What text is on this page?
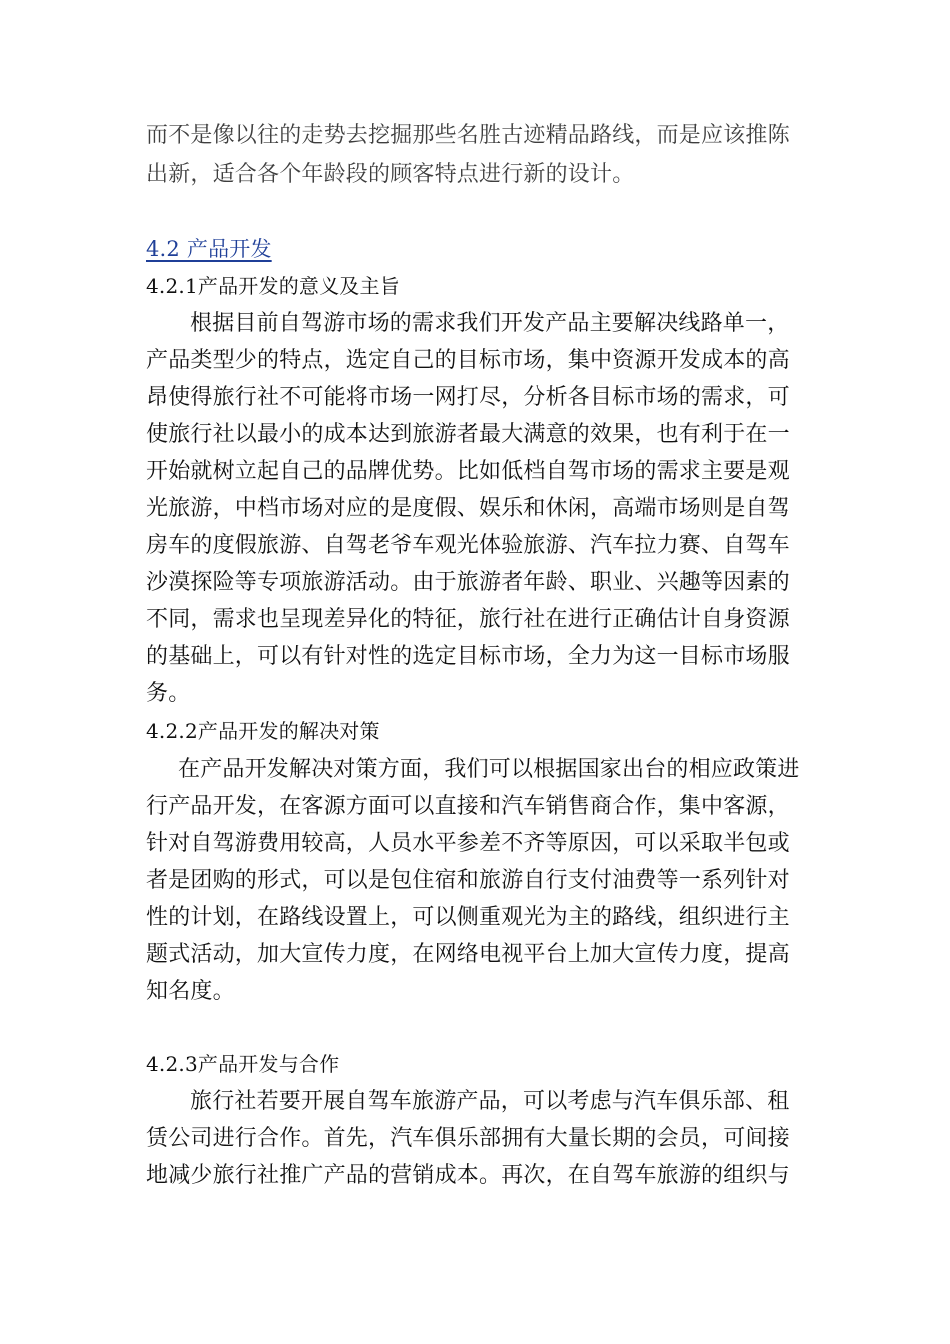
而不是像以往的走势去挖掘那些名胜古迹精品路线，而是应该推陈
出新，适合各个年龄段的顾客特点进行新的设计。
4.2 产品开发
4.2.1产品开发的意义及主旨
根据目前自驾游市场的需求我们开发产品主要解决线路单一，
产品类型少的特点，选定自己的目标市场，集中资源开发成本的高
昂使得旅行社不可能将市场一网打尽，分析各目标市场的需求，可
使旅行社以最小的成本达到旅游者最大满意的效果，也有利于在一
开始就树立起自己的品牌优势。比如低档自驾市场的需求主要是观
光旅游，中档市场对应的是度假、娱乐和休闲，高端市场则是自驾
房车的度假旅游、自驾老爷车观光体验旅游、汽车拉力赛、自驾车
沙漠探险等专项旅游活动。由于旅游者年龄、职业、兴趣等因素的
不同，需求也呈现差异化的特征，旅行社在进行正确估计自身资源
的基础上，可以有针对性的选定目标市场，全力为这一目标市场服
务。
4.2.2产品开发的解决对策
在产品开发解决对策方面，我们可以根据国家出台的相应政策进
行产品开发，在客源方面可以直接和汽车销售商合作，集中客源，
针对自驾游费用较高，人员水平参差不齐等原因，可以采取半包或
者是团购的形式，可以是包住宿和旅游自行支付油费等一系列针对
性的计划，在路线设置上，可以侧重观光为主的路线，组织进行主
题式活动，加大宣传力度，在网络电视平台上加大宣传力度，提高
知名度。
4.2.3产品开发与合作
旅行社若要开展自驾车旅游产品，可以考虑与汽车俱乐部、租
赁公司进行合作。首先，汽车俱乐部拥有大量长期的会员，可间接
地减少旅行社推广产品的营销成本。再次，在自驾车旅游的组织与
